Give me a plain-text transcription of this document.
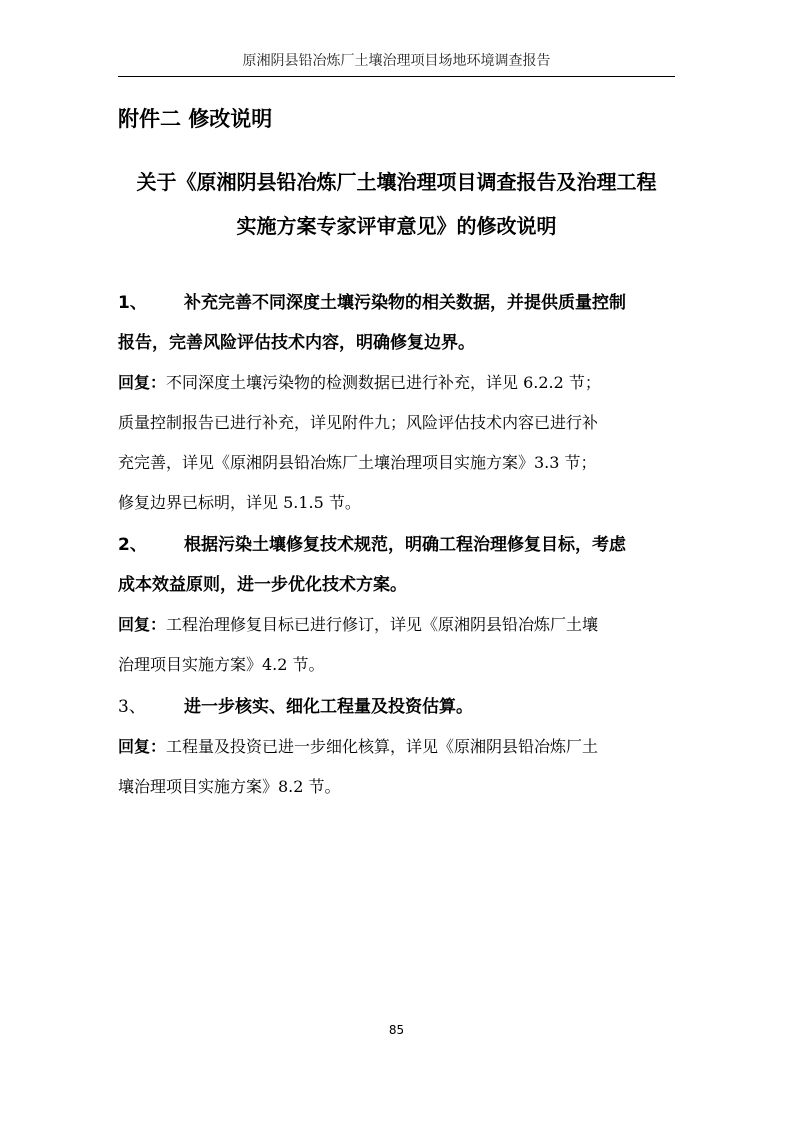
原湘阴县铅冶炼厂土壤治理项目场地环境调查报告
附件二 修改说明
关于《原湘阴县铅冶炼厂土壤治理项目调查报告及治理工程
实施方案专家评审意见》的修改说明
1、 补充完善不同深度土壤污染物的相关数据，并提供质量控制
报告，完善风险评估技术内容，明确修复边界。
回复：不同深度土壤污染物的检测数据已进行补充，详见 6.2.2 节；
质量控制报告已进行补充，详见附件九；风险评估技术内容已进行补
充完善，详见《原湘阴县铅冶炼厂土壤治理项目实施方案》3.3 节；
修复边界已标明，详见 5.1.5 节。
2、 根据污染土壤修复技术规范，明确工程治理修复目标，考虑
成本效益原则，进一步优化技术方案。
回复：工程治理修复目标已进行修订，详见《原湘阴县铅冶炼厂土壤
治理项目实施方案》4.2 节。
3、 进一步核实、细化工程量及投资估算。
回复：工程量及投资已进一步细化核算，详见《原湘阴县铅冶炼厂土
壤治理项目实施方案》8.2 节。
85
